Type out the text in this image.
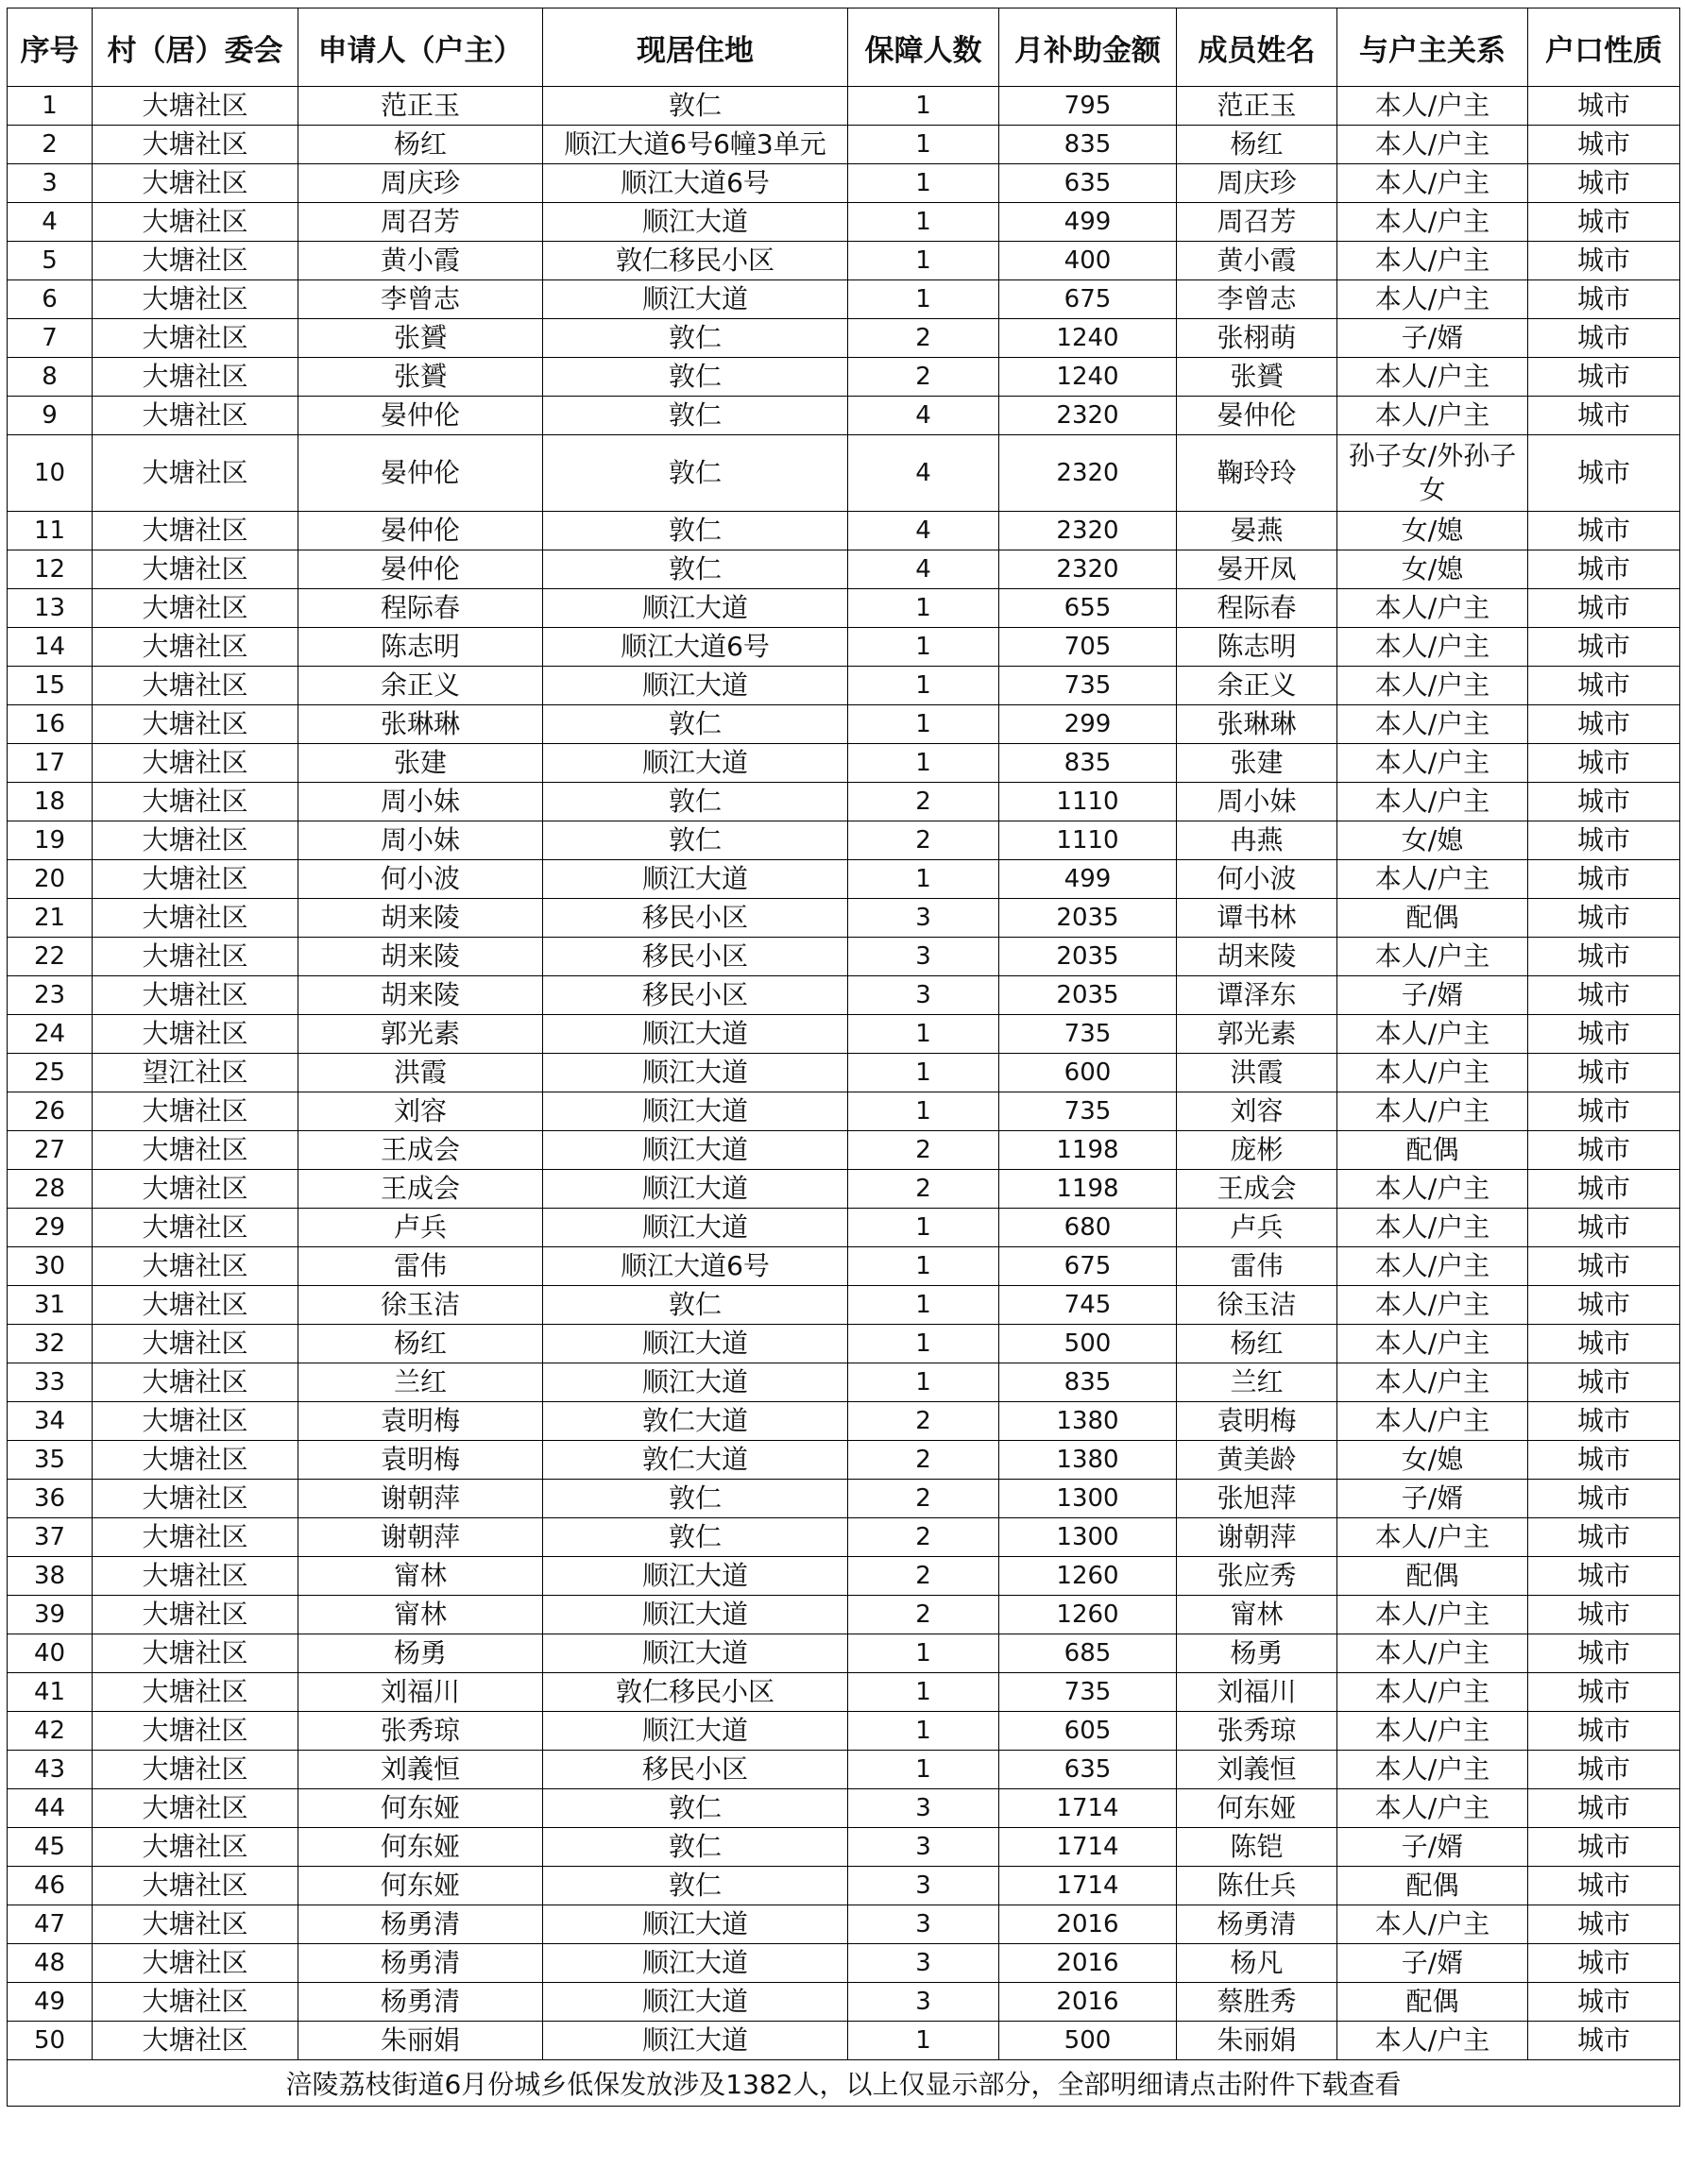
序号	村（居）委会	申请人（户主）	现居住地	保障人数	月补助金额	成员姓名	与户主关系	户口性质
1	大塘社区	范正玉	敦仁	1	795	范正玉	本人/户主	城市
2	大塘社区	杨红	顺江大道6号6幢3单元	1	835	杨红	本人/户主	城市
3	大塘社区	周庆珍	顺江大道6号	1	635	周庆珍	本人/户主	城市
4	大塘社区	周召芳	顺江大道	1	499	周召芳	本人/户主	城市
5	大塘社区	黄小霞	敦仁移民小区	1	400	黄小霞	本人/户主	城市
6	大塘社区	李曾志	顺江大道	1	675	李曾志	本人/户主	城市
7	大塘社区	张贇	敦仁	2	1240	张栩萌	子/婿	城市
8	大塘社区	张贇	敦仁	2	1240	张贇	本人/户主	城市
9	大塘社区	晏仲伦	敦仁	4	2320	晏仲伦	本人/户主	城市
10	大塘社区	晏仲伦	敦仁	4	2320	鞠玲玲	孙子女/外孙子女	城市
11	大塘社区	晏仲伦	敦仁	4	2320	晏燕	女/媳	城市
12	大塘社区	晏仲伦	敦仁	4	2320	晏开凤	女/媳	城市
13	大塘社区	程际春	顺江大道	1	655	程际春	本人/户主	城市
14	大塘社区	陈志明	顺江大道6号	1	705	陈志明	本人/户主	城市
15	大塘社区	余正义	顺江大道	1	735	余正义	本人/户主	城市
16	大塘社区	张琳琳	敦仁	1	299	张琳琳	本人/户主	城市
17	大塘社区	张建	顺江大道	1	835	张建	本人/户主	城市
18	大塘社区	周小妹	敦仁	2	1110	周小妹	本人/户主	城市
19	大塘社区	周小妹	敦仁	2	1110	冉燕	女/媳	城市
20	大塘社区	何小波	顺江大道	1	499	何小波	本人/户主	城市
21	大塘社区	胡来陵	移民小区	3	2035	谭书林	配偶	城市
22	大塘社区	胡来陵	移民小区	3	2035	胡来陵	本人/户主	城市
23	大塘社区	胡来陵	移民小区	3	2035	谭泽东	子/婿	城市
24	大塘社区	郭光素	顺江大道	1	735	郭光素	本人/户主	城市
25	望江社区	洪霞	顺江大道	1	600	洪霞	本人/户主	城市
26	大塘社区	刘容	顺江大道	1	735	刘容	本人/户主	城市
27	大塘社区	王成会	顺江大道	2	1198	庞彬	配偶	城市
28	大塘社区	王成会	顺江大道	2	1198	王成会	本人/户主	城市
29	大塘社区	卢兵	顺江大道	1	680	卢兵	本人/户主	城市
30	大塘社区	雷伟	顺江大道6号	1	675	雷伟	本人/户主	城市
31	大塘社区	徐玉洁	敦仁	1	745	徐玉洁	本人/户主	城市
32	大塘社区	杨红	顺江大道	1	500	杨红	本人/户主	城市
33	大塘社区	兰红	顺江大道	1	835	兰红	本人/户主	城市
34	大塘社区	袁明梅	敦仁大道	2	1380	袁明梅	本人/户主	城市
35	大塘社区	袁明梅	敦仁大道	2	1380	黄美龄	女/媳	城市
36	大塘社区	谢朝萍	敦仁	2	1300	张旭萍	子/婿	城市
37	大塘社区	谢朝萍	敦仁	2	1300	谢朝萍	本人/户主	城市
38	大塘社区	甯林	顺江大道	2	1260	张应秀	配偶	城市
39	大塘社区	甯林	顺江大道	2	1260	甯林	本人/户主	城市
40	大塘社区	杨勇	顺江大道	1	685	杨勇	本人/户主	城市
41	大塘社区	刘福川	敦仁移民小区	1	735	刘福川	本人/户主	城市
42	大塘社区	张秀琼	顺江大道	1	605	张秀琼	本人/户主	城市
43	大塘社区	刘義恒	移民小区	1	635	刘義恒	本人/户主	城市
44	大塘社区	何东娅	敦仁	3	1714	何东娅	本人/户主	城市
45	大塘社区	何东娅	敦仁	3	1714	陈铠	子/婿	城市
46	大塘社区	何东娅	敦仁	3	1714	陈仕兵	配偶	城市
47	大塘社区	杨勇清	顺江大道	3	2016	杨勇清	本人/户主	城市
48	大塘社区	杨勇清	顺江大道	3	2016	杨凡	子/婿	城市
49	大塘社区	杨勇清	顺江大道	3	2016	蔡胜秀	配偶	城市
50	大塘社区	朱丽娟	顺江大道	1	500	朱丽娟	本人/户主	城市
涪陵荔枝街道6月份城乡低保发放涉及1382人，以上仅显示部分，全部明细请点击附件下载查看								
